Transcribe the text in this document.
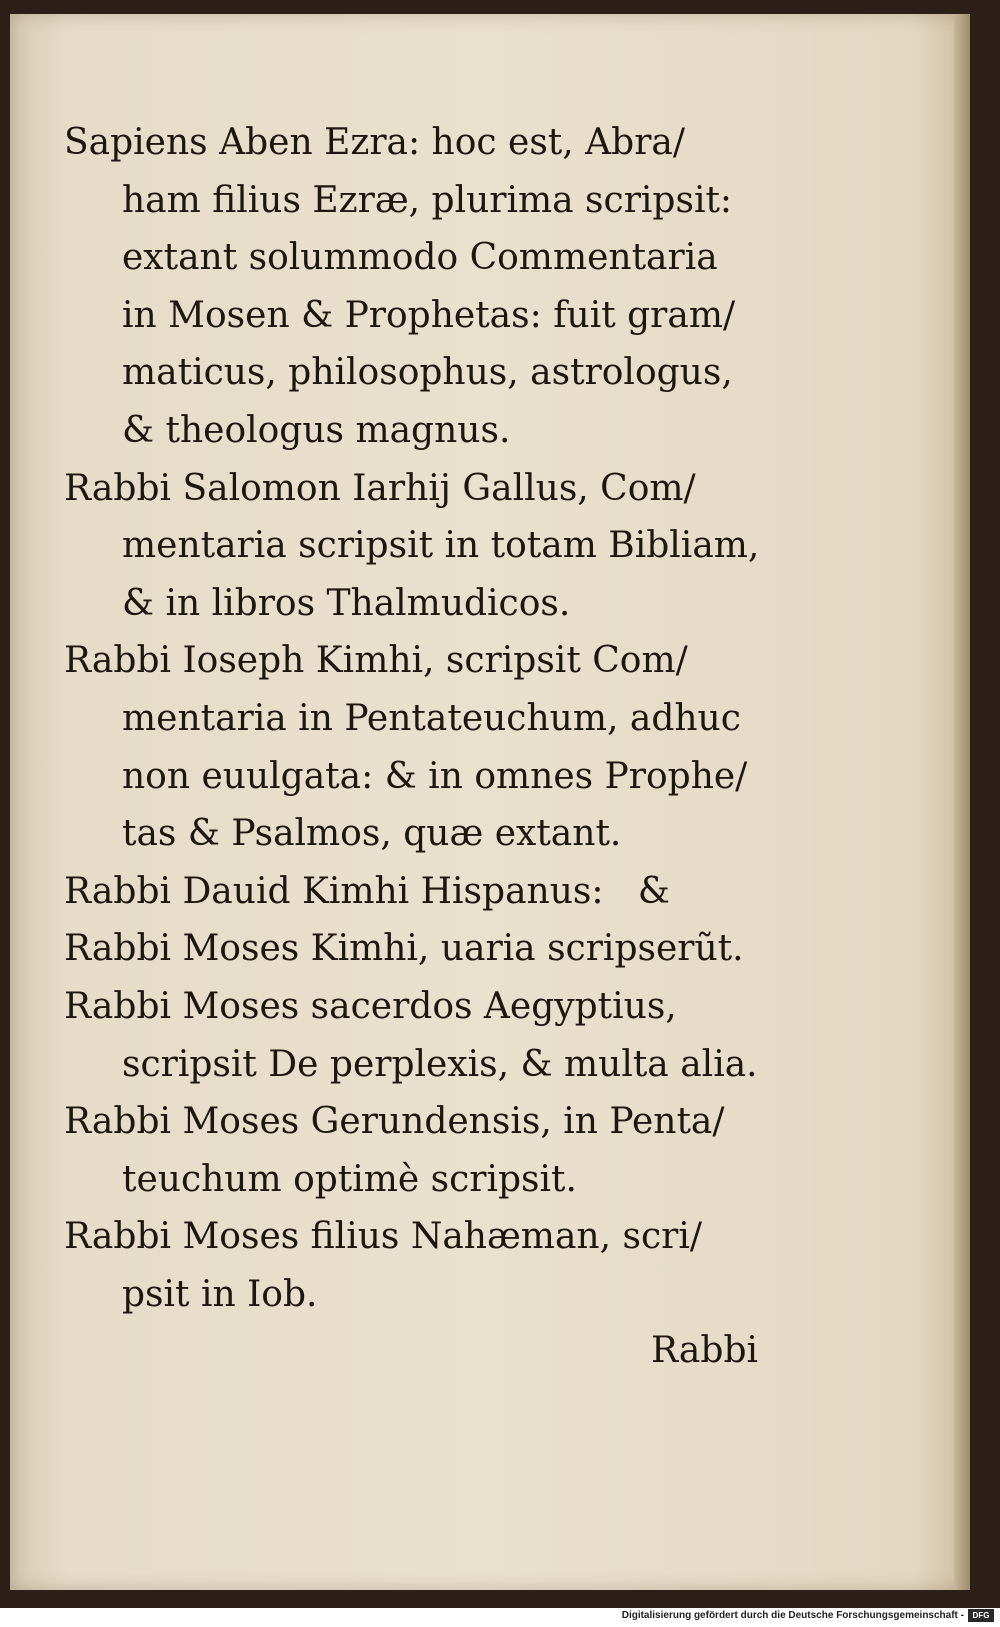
Sapiens Aben Ezra: hoc est, Abra/
ham filius Ezræ, plurima scripsit:
extant solummodo Commentaria
in Mosen & Prophetas: fuit gram/
maticus, philosophus, astrologus,
& theologus magnus.

Rabbi Salomon Iarhij Gallus, Com/
mentaria scripsit in totam Bibliam,
& in libros Thalmudicos.

Rabbi Ioseph Kimhi, scripsit Com/
mentaria in Pentateuchum, adhuc
non euulgata: & in omnes Prophe/
tas & Psalmos, quæ extant.

Rabbi Dauid Kimhi Hispanus:   &

Rabbi Moses Kimhi, uaria scripserũt.

Rabbi Moses sacerdos Aegyptius,
scripsit De perplexis, & multa alia.

Rabbi Moses Gerundensis, in Penta/
teuchum optimè scripsit.

Rabbi Moses filius Nahæman, scri/
psit in Iob.

Rabbi
Digitalisierung gefördert durch die Deutsche Forschungsgemeinschaft -	DFG
